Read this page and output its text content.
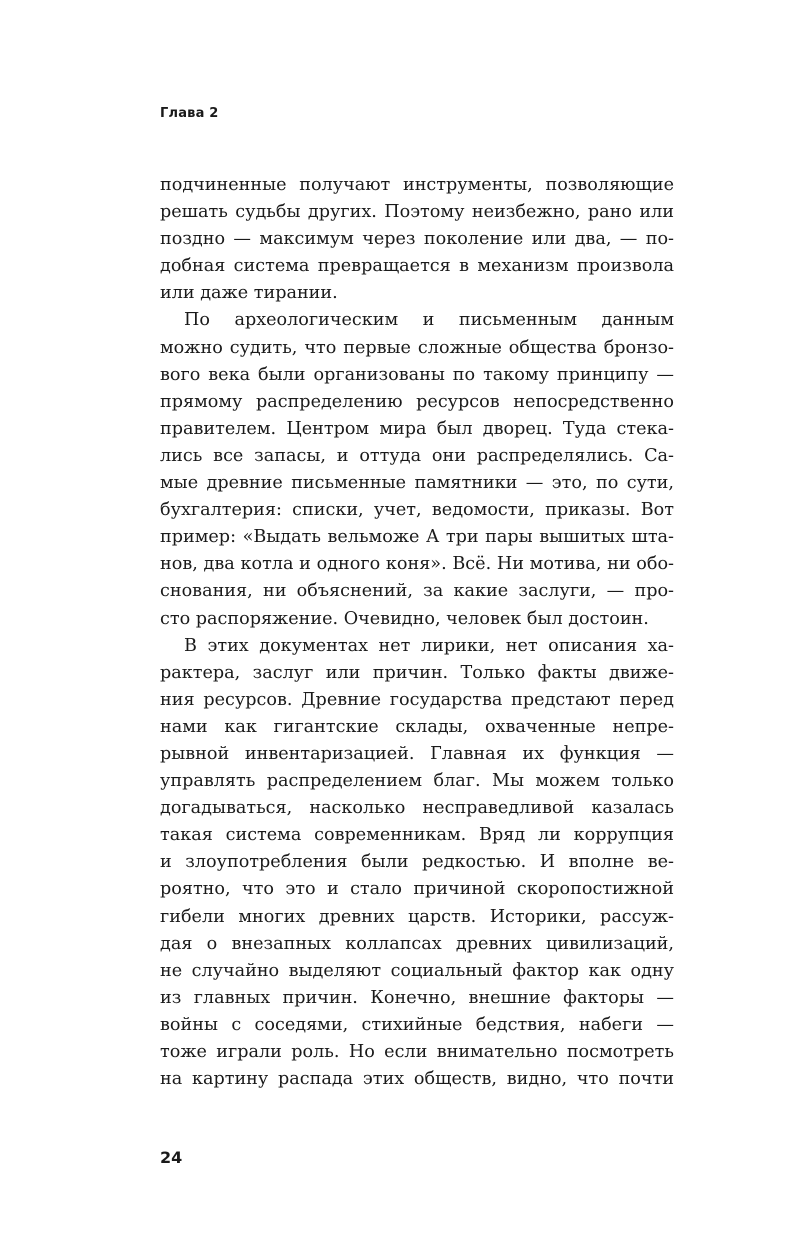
Глава 2
подчиненные получают инструменты, позволяющие
решать судьбы других. Поэтому неизбежно, рано или
поздно — максимум через поколение или два, — по-
добная система превращается в механизм произвола
или даже тирании.
По археологическим и письменным данным
можно судить, что первые сложные общества бронзо-
вого века были организованы по такому принципу —
прямому распределению ресурсов непосредственно
правителем. Центром мира был дворец. Туда стека-
лись все запасы, и оттуда они распределялись. Са-
мые древние письменные памятники — это, по сути,
бухгалтерия: списки, учет, ведомости, приказы. Вот
пример: «Выдать вельможе А три пары вышитых шта-
нов, два котла и одного коня». Всё. Ни мотива, ни обо-
снования, ни объяснений, за какие заслуги, — про-
сто распоряжение. Очевидно, человек был достоин.
В этих документах нет лирики, нет описания ха-
рактера, заслуг или причин. Только факты движе-
ния ресурсов. Древние государства предстают перед
нами как гигантские склады, охваченные непре-
рывной инвентаризацией. Главная их функция —
управлять распределением благ. Мы можем только
догадываться, насколько несправедливой казалась
такая система современникам. Вряд ли коррупция
и злоупотребления были редкостью. И вполне ве-
роятно, что это и стало причиной скоропостижной
гибели многих древних царств. Историки, рассуж-
дая о внезапных коллапсах древних цивилизаций,
не случайно выделяют социальный фактор как одну
из главных причин. Конечно, внешние факторы —
войны с соседями, стихийные бедствия, набеги —
тоже играли роль. Но если внимательно посмотреть
на картину распада этих обществ, видно, что почти
24
